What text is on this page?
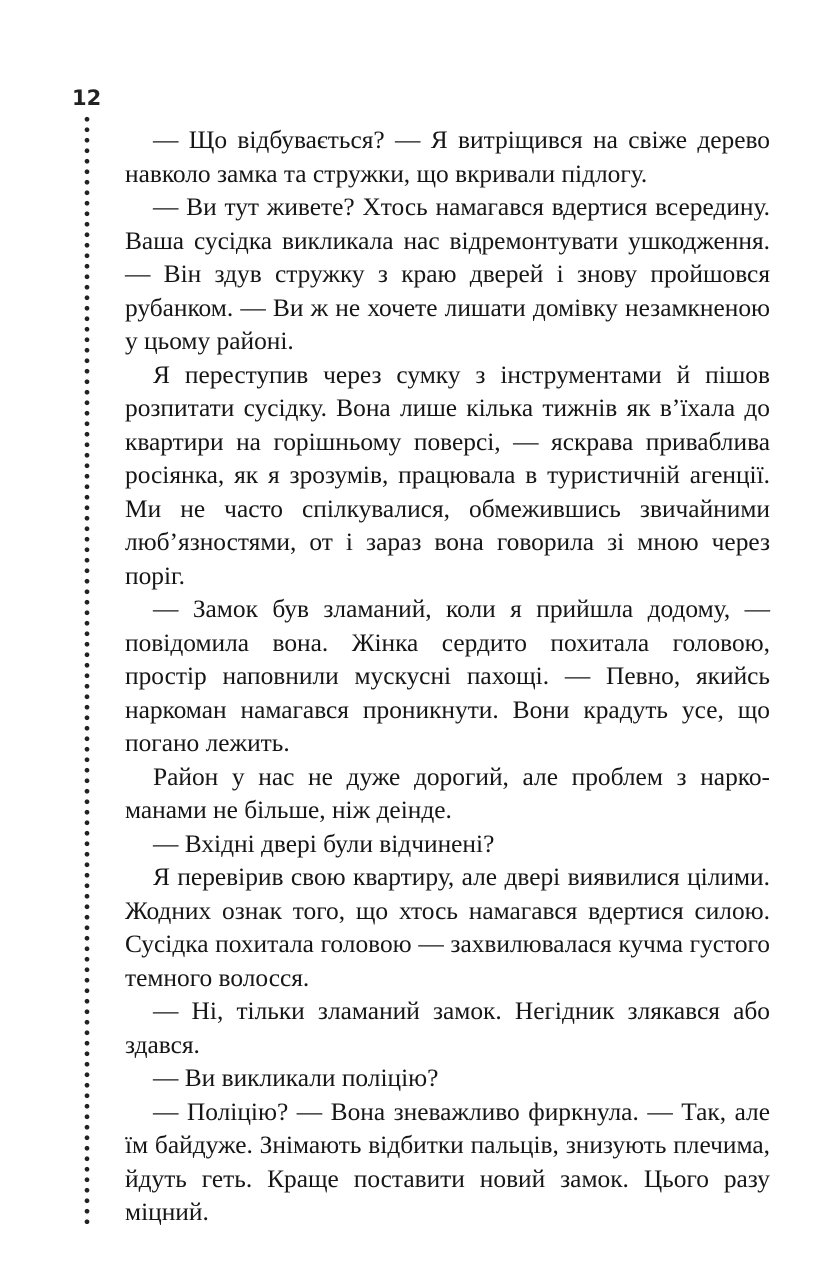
12

— Що відбувається? — Я витріщився на свіже дерево навколо замка та стружки, що вкривали підлогу.

— Ви тут живете? Хтось намагався вдертися всередину. Ваша сусідка викликала нас відремонтувати ушкодження. — Він здув стружку з краю дверей і знову пройшовся рубанком. — Ви ж не хочете лишати домівку незамкненою у цьому районі.

Я переступив через сумку з інструментами й пішов розпитати сусідку. Вона лише кілька тижнів як в’їхала до квартири на горішньому поверсі, — яскрава приваблива росіянка, як я зрозумів, працювала в туристичній агенції. Ми не часто спілкувалися, обмежившись звичайними люб’язностями, от і зараз вона говорила зі мною через поріг.

— Замок був зламаний, коли я прийшла додому, — повідомила вона. Жінка сердито похитала головою, простір наповнили мускусні пахощі. — Певно, якийсь наркоман намагався проникнути. Вони крадуть усе, що погано лежить.

Район у нас не дуже дорогий, але проблем з наркоманами не більше, ніж деінде.

— Вхідні двері були відчинені?

Я перевірив свою квартиру, але двері виявилися цілими. Жодних ознак того, що хтось намагався вдертися силою. Сусідка похитала головою — захвилювалася кучма густого темного волосся.

— Ні, тільки зламаний замок. Негідник злякався або здався.

— Ви викликали поліцію?

— Поліцію? — Вона зневажливо фиркнула. — Так, але їм байдуже. Знімають відбитки пальців, знизують плечима, йдуть геть. Краще поставити новий замок. Цього разу міцний.
